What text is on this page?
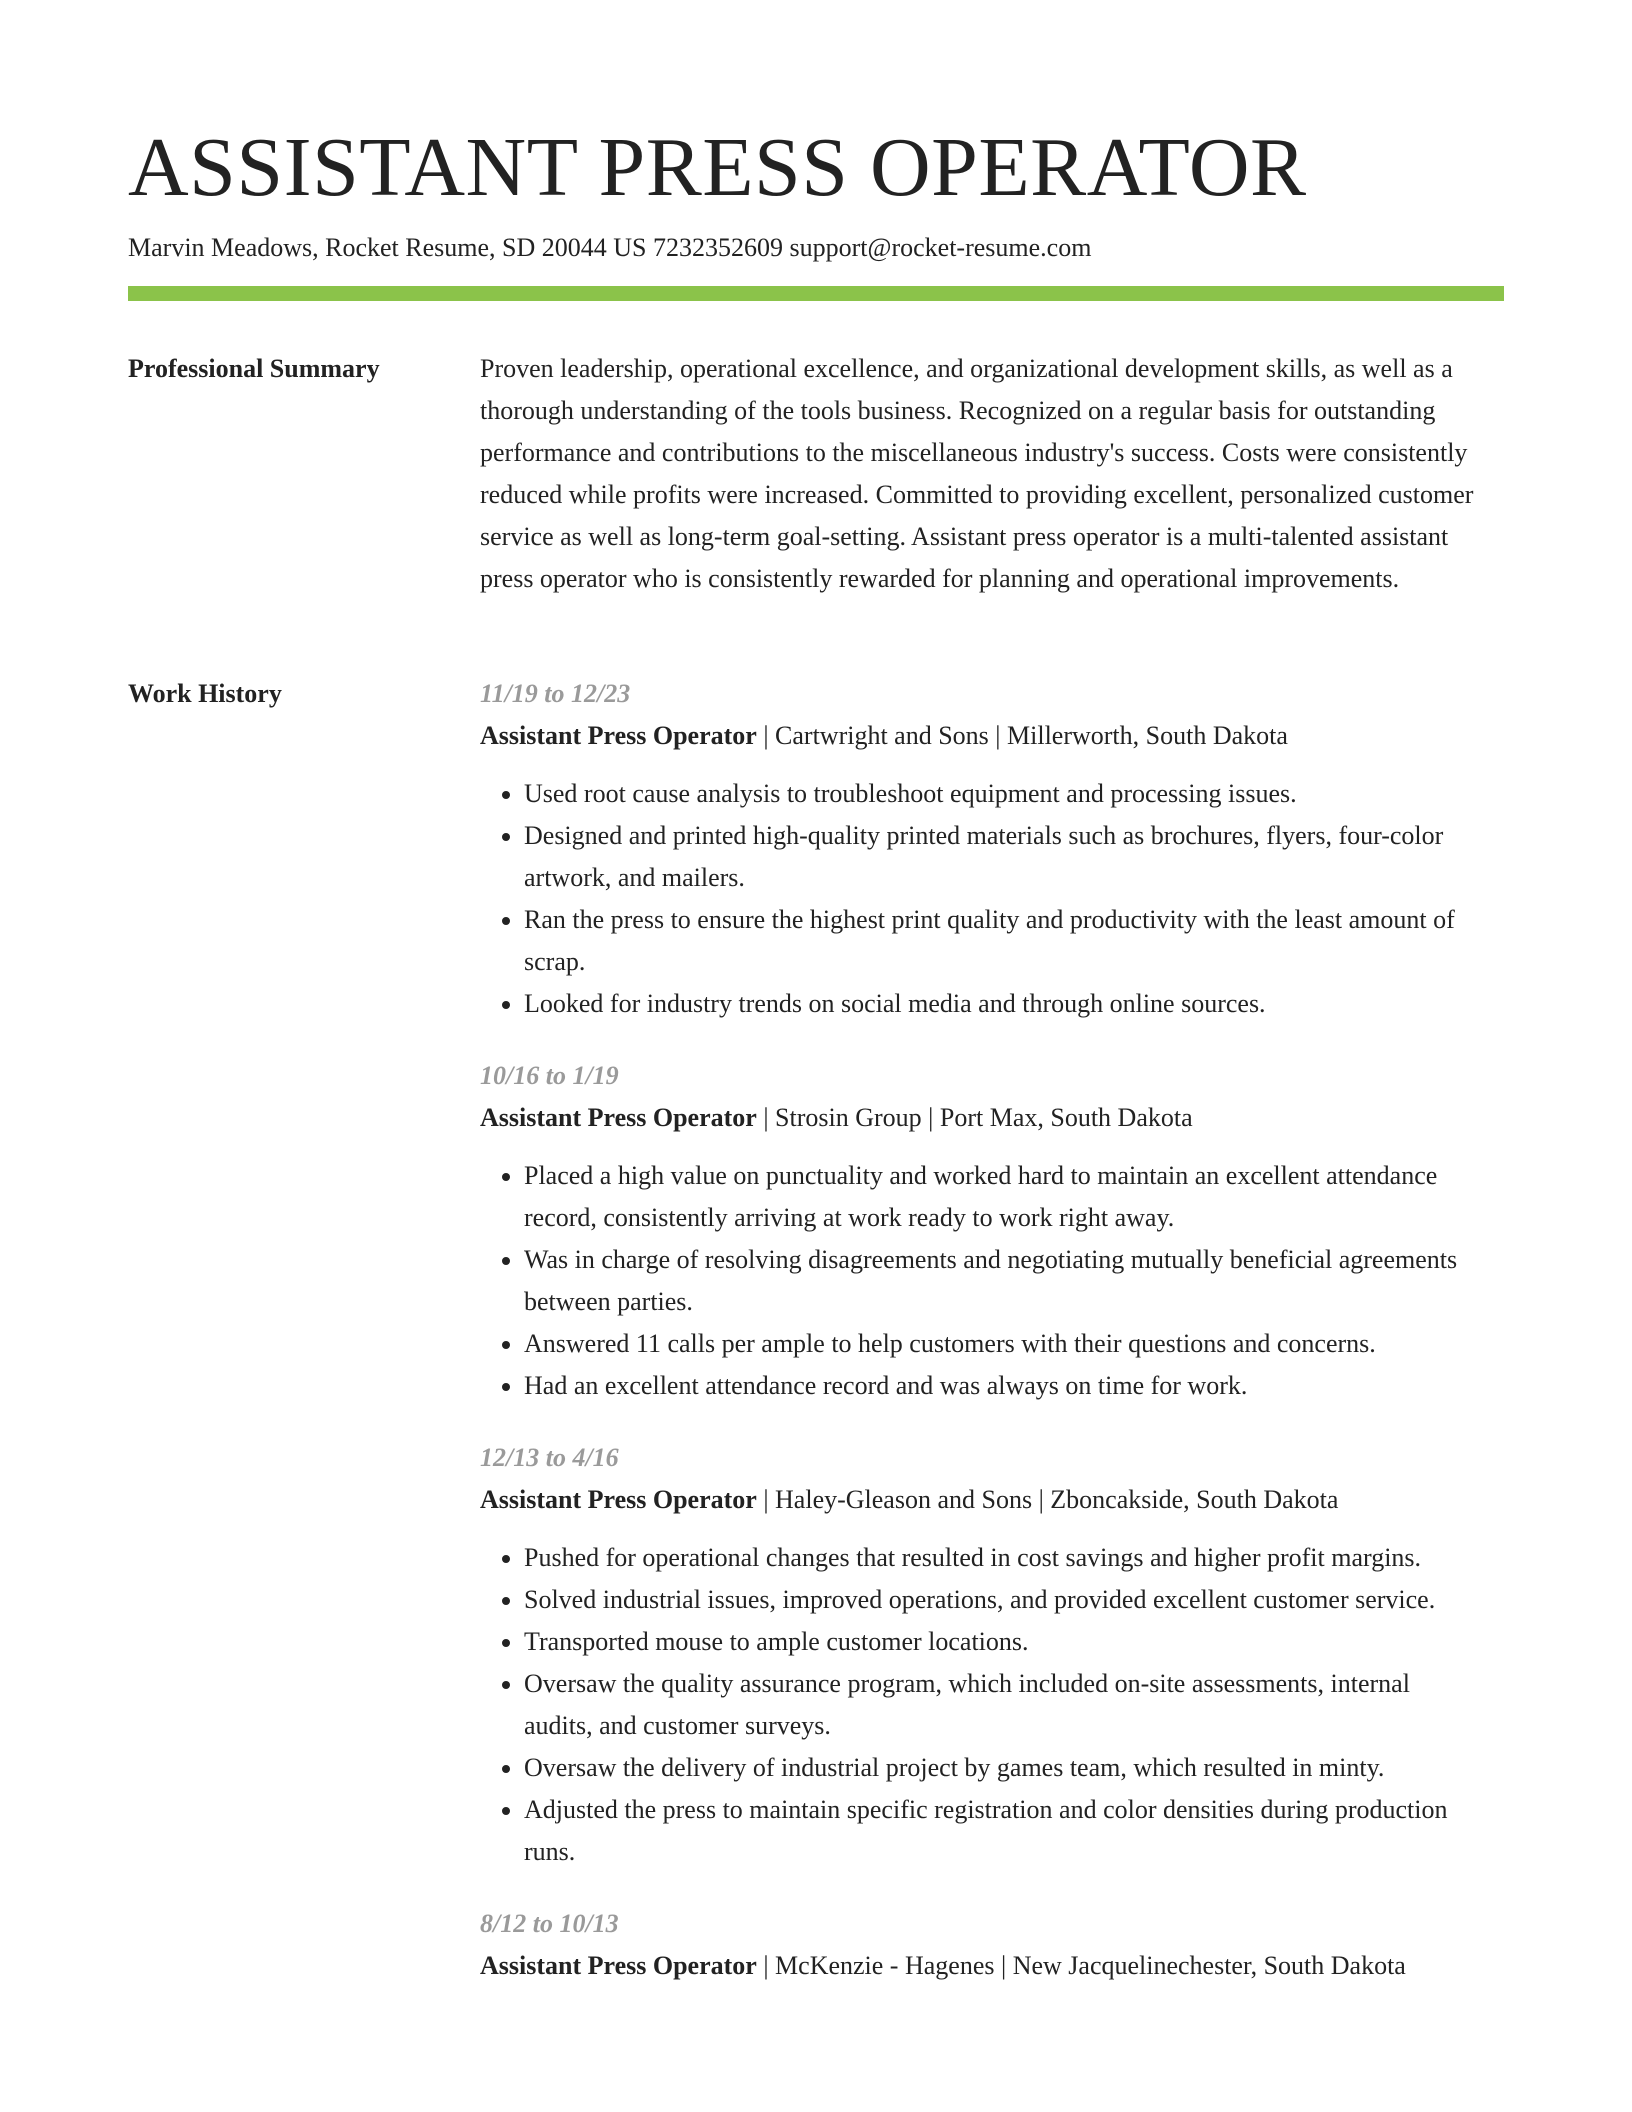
ASSISTANT PRESS OPERATOR
Marvin Meadows, Rocket Resume, SD 20044 US 7232352609 support@rocket-resume.com
Professional Summary	Proven leadership, operational excellence, and organizational development skills, as well as a thorough understanding of the tools business. Recognized on a regular basis for outstanding performance and contributions to the miscellaneous industry's success. Costs were consistently reduced while profits were increased. Committed to providing excellent, personalized customer service as well as long-term goal-setting. Assistant press operator is a multi-talented assistant press operator who is consistently rewarded for planning and operational improvements.

Work History	11/19 to 12/23
Assistant Press Operator | Cartwright and Sons | Millerworth, South Dakota
• Used root cause analysis to troubleshoot equipment and processing issues.
• Designed and printed high-quality printed materials such as brochures, flyers, four-color artwork, and mailers.
• Ran the press to ensure the highest print quality and productivity with the least amount of scrap.
• Looked for industry trends on social media and through online sources.
10/16 to 1/19
Assistant Press Operator | Strosin Group | Port Max, South Dakota
• Placed a high value on punctuality and worked hard to maintain an excellent attendance record, consistently arriving at work ready to work right away.
• Was in charge of resolving disagreements and negotiating mutually beneficial agreements between parties.
• Answered 11 calls per ample to help customers with their questions and concerns.
• Had an excellent attendance record and was always on time for work.
12/13 to 4/16
Assistant Press Operator | Haley-Gleason and Sons | Zboncakside, South Dakota
• Pushed for operational changes that resulted in cost savings and higher profit margins.
• Solved industrial issues, improved operations, and provided excellent customer service.
• Transported mouse to ample customer locations.
• Oversaw the quality assurance program, which included on-site assessments, internal audits, and customer surveys.
• Oversaw the delivery of industrial project by games team, which resulted in minty.
• Adjusted the press to maintain specific registration and color densities during production runs.
8/12 to 10/13
Assistant Press Operator | McKenzie - Hagenes | New Jacquelinechester, South Dakota
